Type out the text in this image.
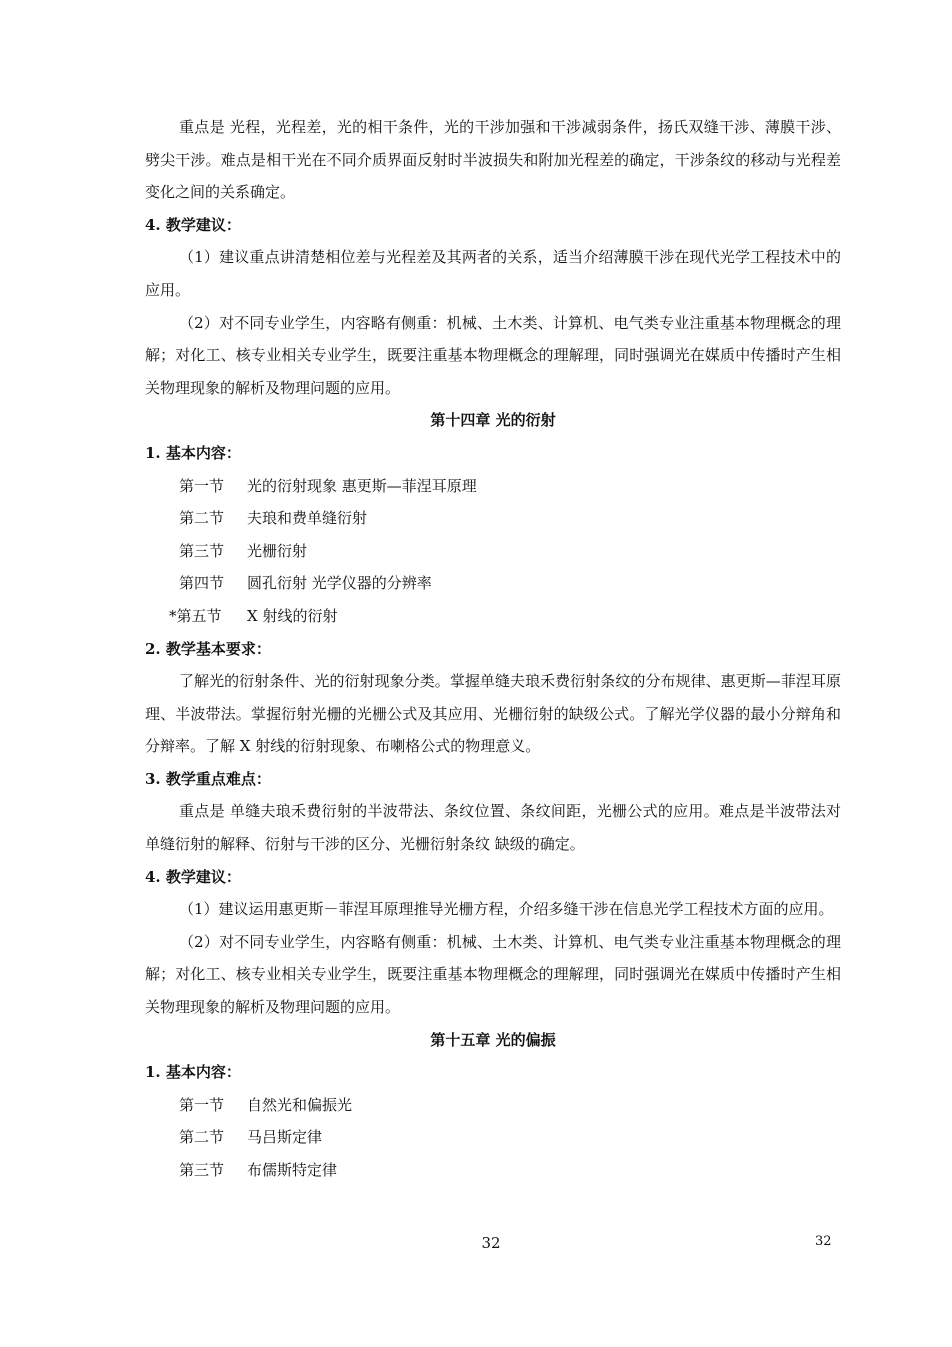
重点是 光程，光程差，光的相干条件，光的干涉加强和干涉减弱条件，扬氏双缝干涉、薄膜干涉、劈尖干涉。难点是相干光在不同介质界面反射时半波损失和附加光程差的确定，干涉条纹的移动与光程差变化之间的关系确定。

4. 教学建议：

（1）建议重点讲清楚相位差与光程差及其两者的关系，适当介绍薄膜干涉在现代光学工程技术中的应用。

（2）对不同专业学生，内容略有侧重：机械、土木类、计算机、电气类专业注重基本物理概念的理解；对化工、核专业相关专业学生，既要注重基本物理概念的理解理，同时强调光在媒质中传播时产生相关物理现象的解析及物理问题的应用。

第十四章 光的衍射

1. 基本内容：

第一节 光的衍射现象 惠更斯—菲涅耳原理

第二节 夫琅和费单缝衍射

第三节 光栅衍射

第四节 圆孔衍射 光学仪器的分辨率

*第五节 X 射线的衍射

2. 教学基本要求：

了解光的衍射条件、光的衍射现象分类。掌握单缝夫琅禾费衍射条纹的分布规律、惠更斯—菲涅耳原理、半波带法。掌握衍射光栅的光栅公式及其应用、光栅衍射的缺级公式。了解光学仪器的最小分辩角和分辩率。了解 X 射线的衍射现象、布喇格公式的物理意义。

3. 教学重点难点：

重点是 单缝夫琅禾费衍射的半波带法、条纹位置、条纹间距，光栅公式的应用。难点是半波带法对单缝衍射的解释、衍射与干涉的区分、光栅衍射条纹 缺级的确定。

4. 教学建议：

（1）建议运用惠更斯－菲涅耳原理推导光栅方程，介绍多缝干涉在信息光学工程技术方面的应用。

（2）对不同专业学生，内容略有侧重：机械、土木类、计算机、电气类专业注重基本物理概念的理解；对化工、核专业相关专业学生，既要注重基本物理概念的理解理，同时强调光在媒质中传播时产生相关物理现象的解析及物理问题的应用。

第十五章 光的偏振

1. 基本内容：

第一节 自然光和偏振光

第二节 马吕斯定律

第三节 布儒斯特定律

32	32
